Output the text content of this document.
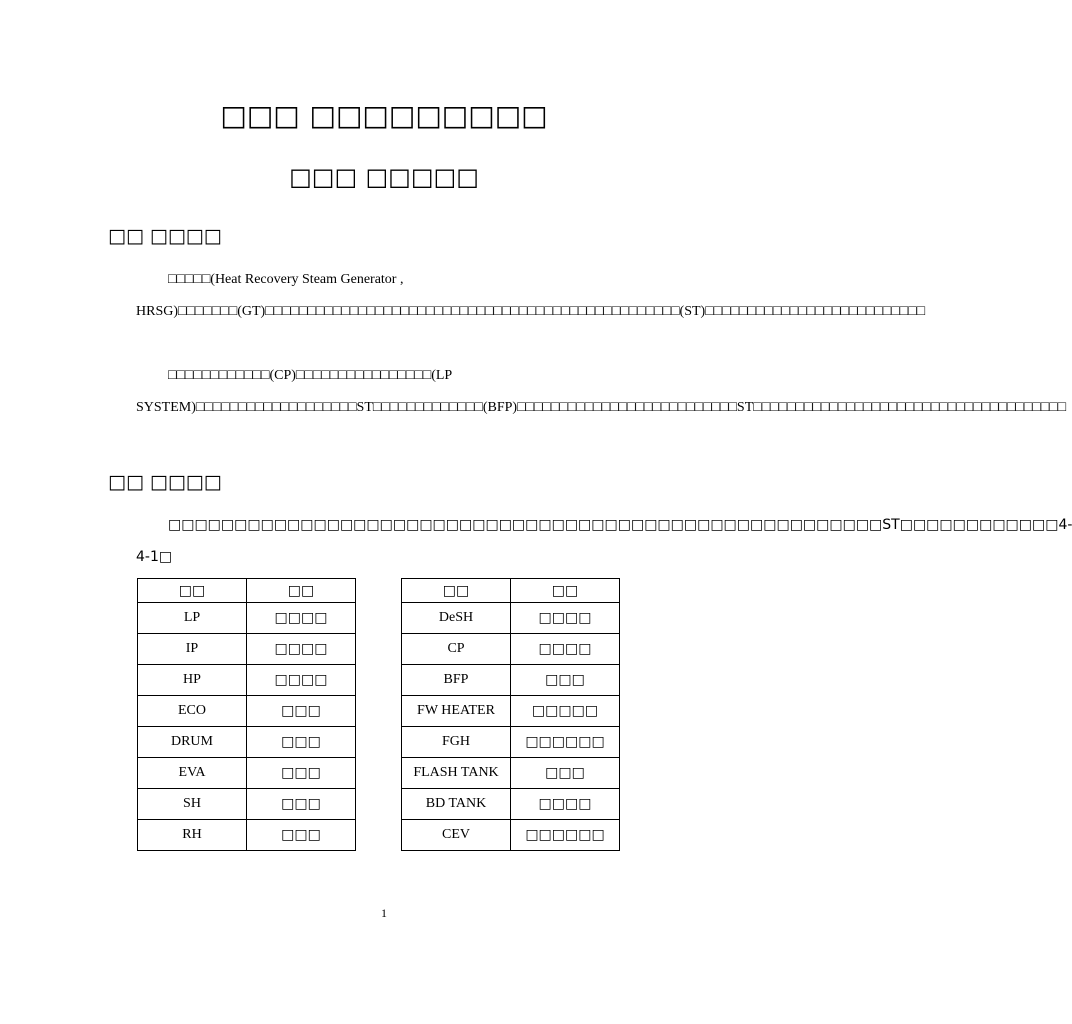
□□□ □□□□□□□□□
□□□ □□□□□
□□ □□□□

□□□□□(Heat Recovery Steam Generator , HRSG)□□□□□□□(GT)□□□□□□□□□□□□□□□□□□□□□□□□□□□□□□□□□□□□□□□□□□□□□□□□□(ST)□□□□□□□□□□□□□□□□□□□□□□□□□□

□□□□□□□□□□□□(CP)□□□□□□□□□□□□□□□□(LP SYSTEM)□□□□□□□□□□□□□□□□□□□ST□□□□□□□□□□□□□(BFP)□□□□□□□□□□□□□□□□□□□□□□□□□□ST□□□□□□□□□□□□□□□□□□□□□□□□□□□□□□□□□□□□□

□□ □□□□

□□□□□□□□□□□□□□□□□□□□□□□□□□□□□□□□□□□□□□□□□□□□□□□□□□□□□□ST□□□□□□□□□□□□4-4-1□

□□	□□
LP	□□□□
IP	□□□□
HP	□□□□
ECO	□□□
DRUM	□□□
EVA	□□□
SH	□□□
RH	□□□
□□	□□
DeSH	□□□□
CP	□□□□
BFP	□□□
FW HEATER	□□□□□
FGH	□□□□□□
FLASH TANK	□□□
BD TANK	□□□□
CEV	□□□□□□
1
